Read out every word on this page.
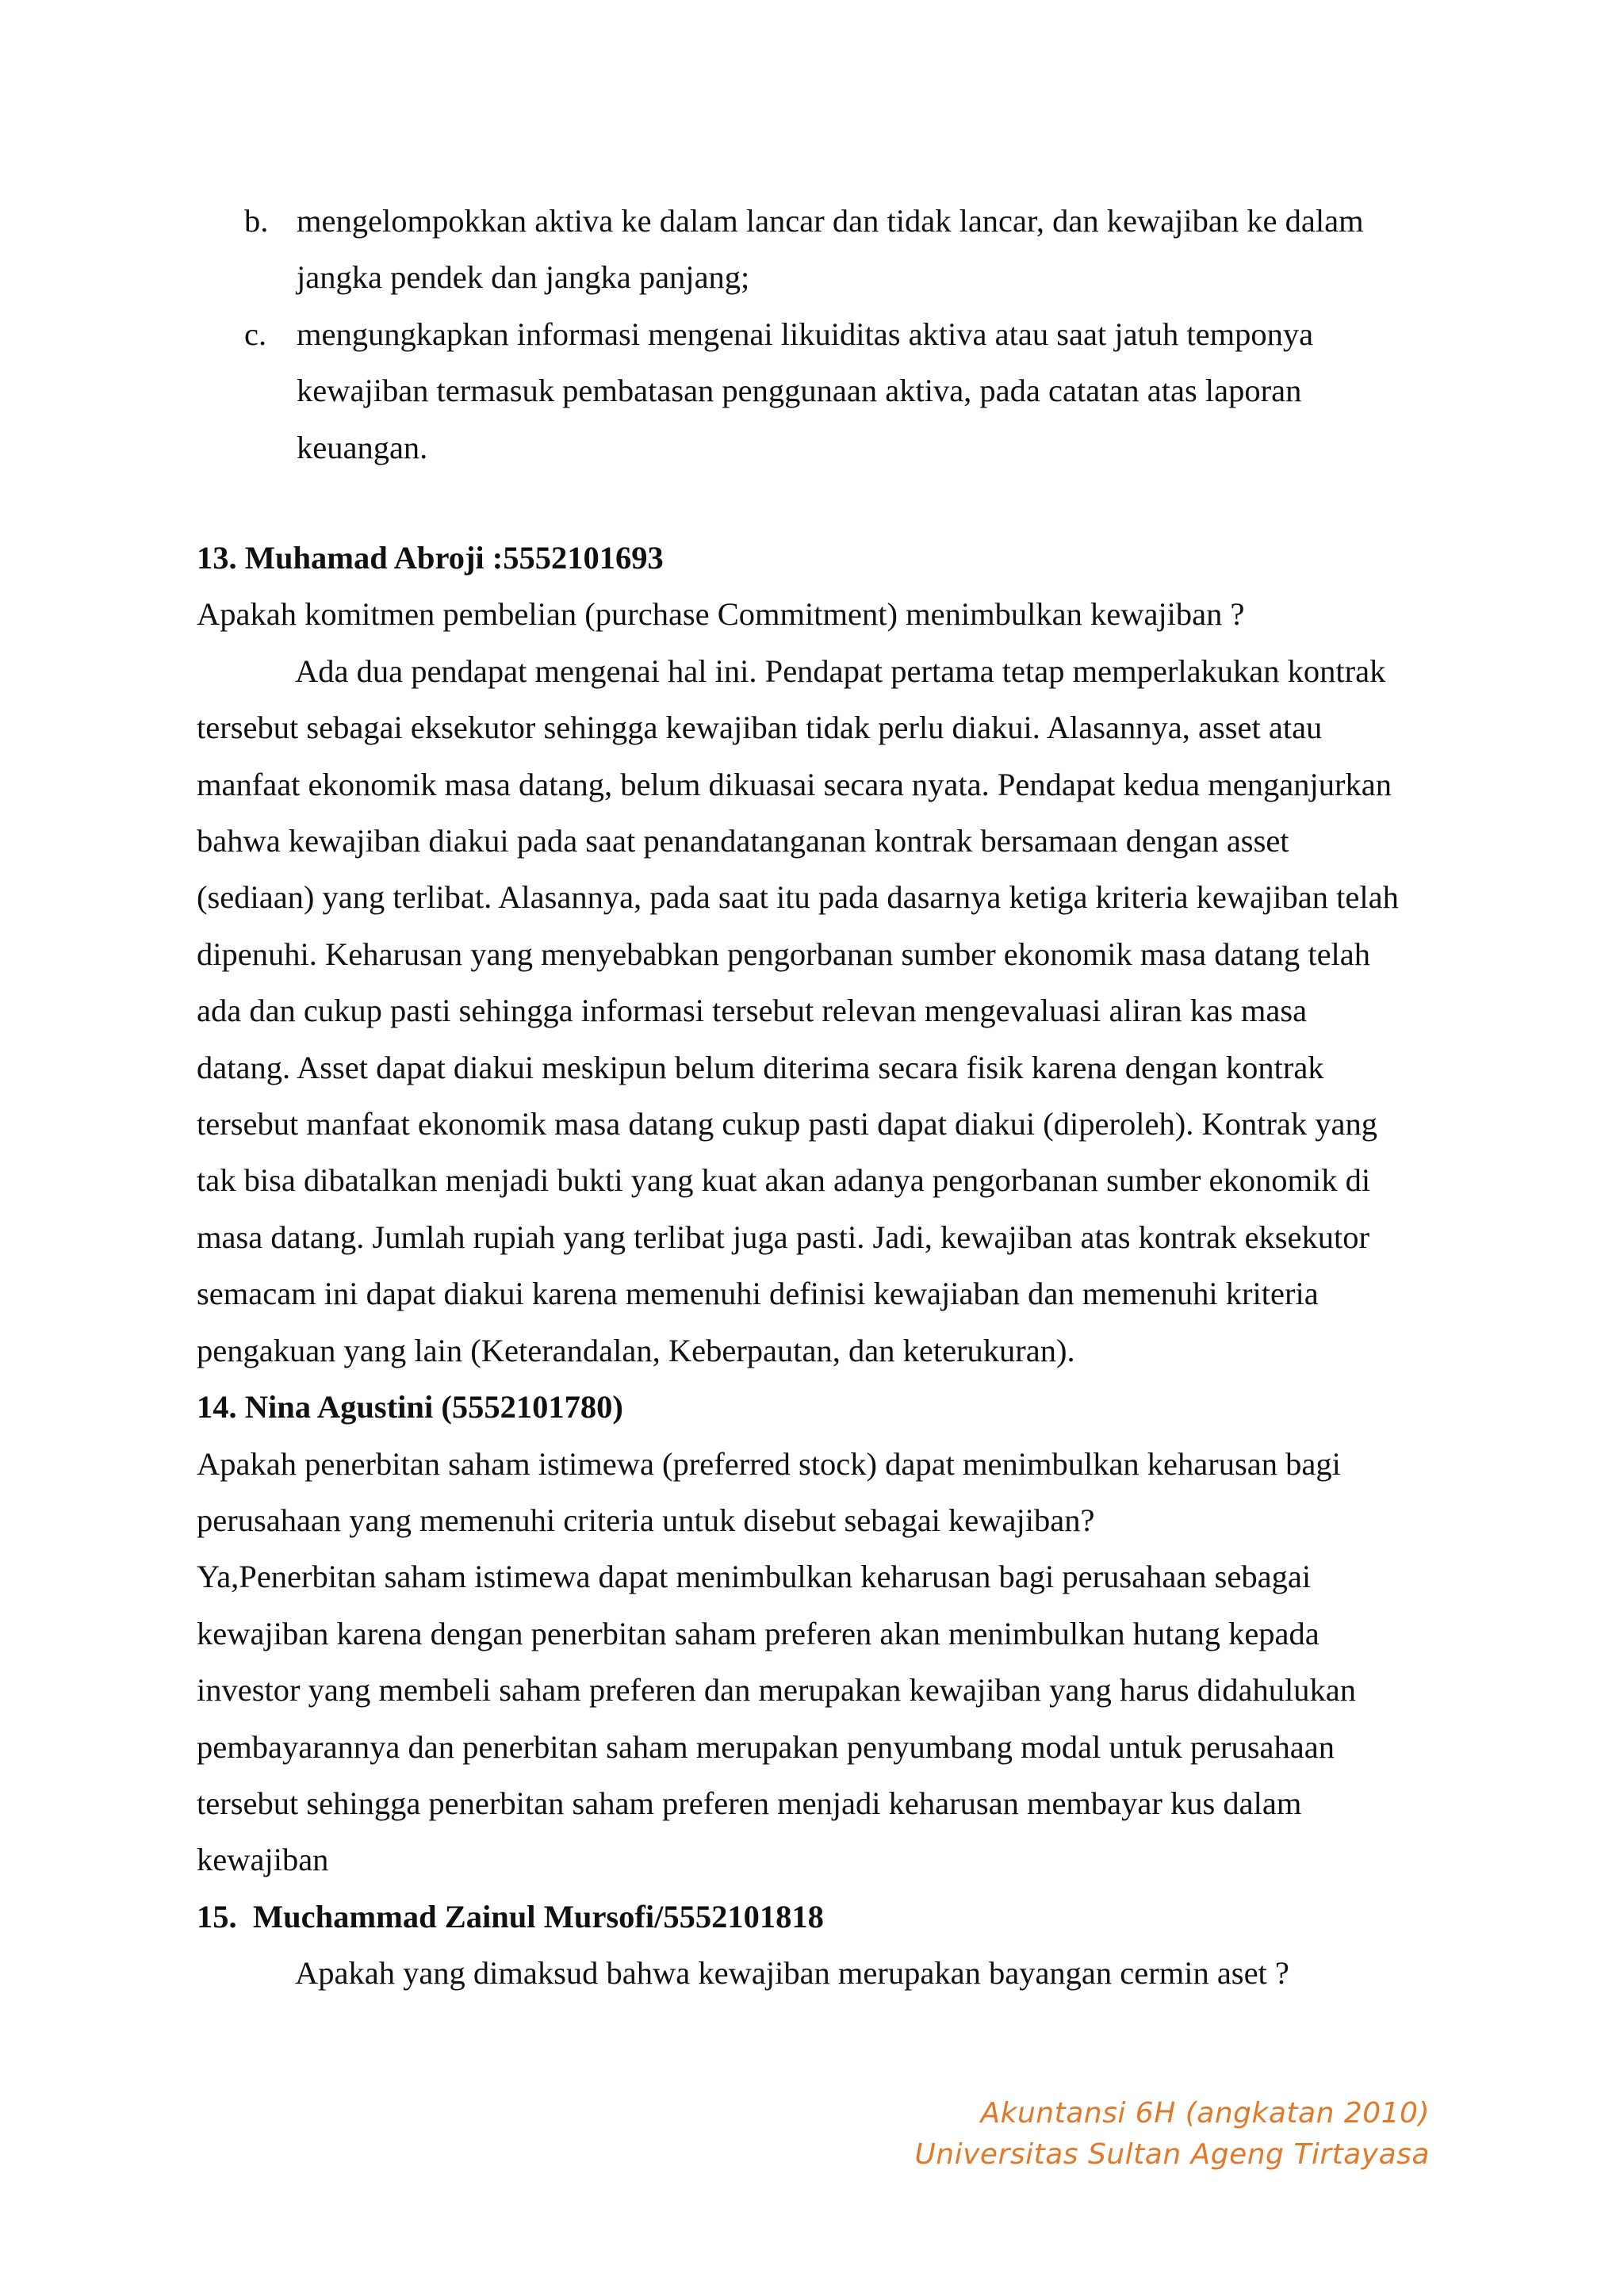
b. mengelompokkan aktiva ke dalam lancar dan tidak lancar, dan kewajiban ke dalam
jangka pendek dan jangka panjang;
c. mengungkapkan informasi mengenai likuiditas aktiva atau saat jatuh temponya
kewajiban termasuk pembatasan penggunaan aktiva, pada catatan atas laporan
keuangan.
13. Muhamad Abroji :5552101693
Apakah komitmen pembelian (purchase Commitment) menimbulkan kewajiban ?
Ada dua pendapat mengenai hal ini. Pendapat pertama tetap memperlakukan kontrak
tersebut sebagai eksekutor sehingga kewajiban tidak perlu diakui. Alasannya, asset atau
manfaat ekonomik masa datang, belum dikuasai secara nyata. Pendapat kedua menganjurkan
bahwa kewajiban diakui pada saat penandatanganan kontrak bersamaan dengan asset
(sediaan) yang terlibat. Alasannya, pada saat itu pada dasarnya ketiga kriteria kewajiban telah
dipenuhi. Keharusan yang menyebabkan pengorbanan sumber ekonomik masa datang telah
ada dan cukup pasti sehingga informasi tersebut relevan mengevaluasi aliran kas masa
datang. Asset dapat diakui meskipun belum diterima secara fisik karena dengan kontrak
tersebut manfaat ekonomik masa datang cukup pasti dapat diakui (diperoleh). Kontrak yang
tak bisa dibatalkan menjadi bukti yang kuat akan adanya pengorbanan sumber ekonomik di
masa datang. Jumlah rupiah yang terlibat juga pasti. Jadi, kewajiban atas kontrak eksekutor
semacam ini dapat diakui karena memenuhi definisi kewajiaban dan memenuhi kriteria
pengakuan yang lain (Keterandalan, Keberpautan, dan keterukuran).
14. Nina Agustini (5552101780)
Apakah penerbitan saham istimewa (preferred stock) dapat menimbulkan keharusan bagi
perusahaan yang memenuhi criteria untuk disebut sebagai kewajiban?
Ya,Penerbitan saham istimewa dapat menimbulkan keharusan bagi perusahaan sebagai
kewajiban karena dengan penerbitan saham preferen akan menimbulkan hutang kepada
investor yang membeli saham preferen dan merupakan kewajiban yang harus didahulukan
pembayarannya dan penerbitan saham merupakan penyumbang modal untuk perusahaan
tersebut sehingga penerbitan saham preferen menjadi keharusan membayar kus dalam
kewajiban
15.  Muchammad Zainul Mursofi/5552101818
Apakah yang dimaksud bahwa kewajiban merupakan bayangan cermin aset ?
Akuntansi 6H (angkatan 2010)
Universitas Sultan Ageng Tirtayasa
